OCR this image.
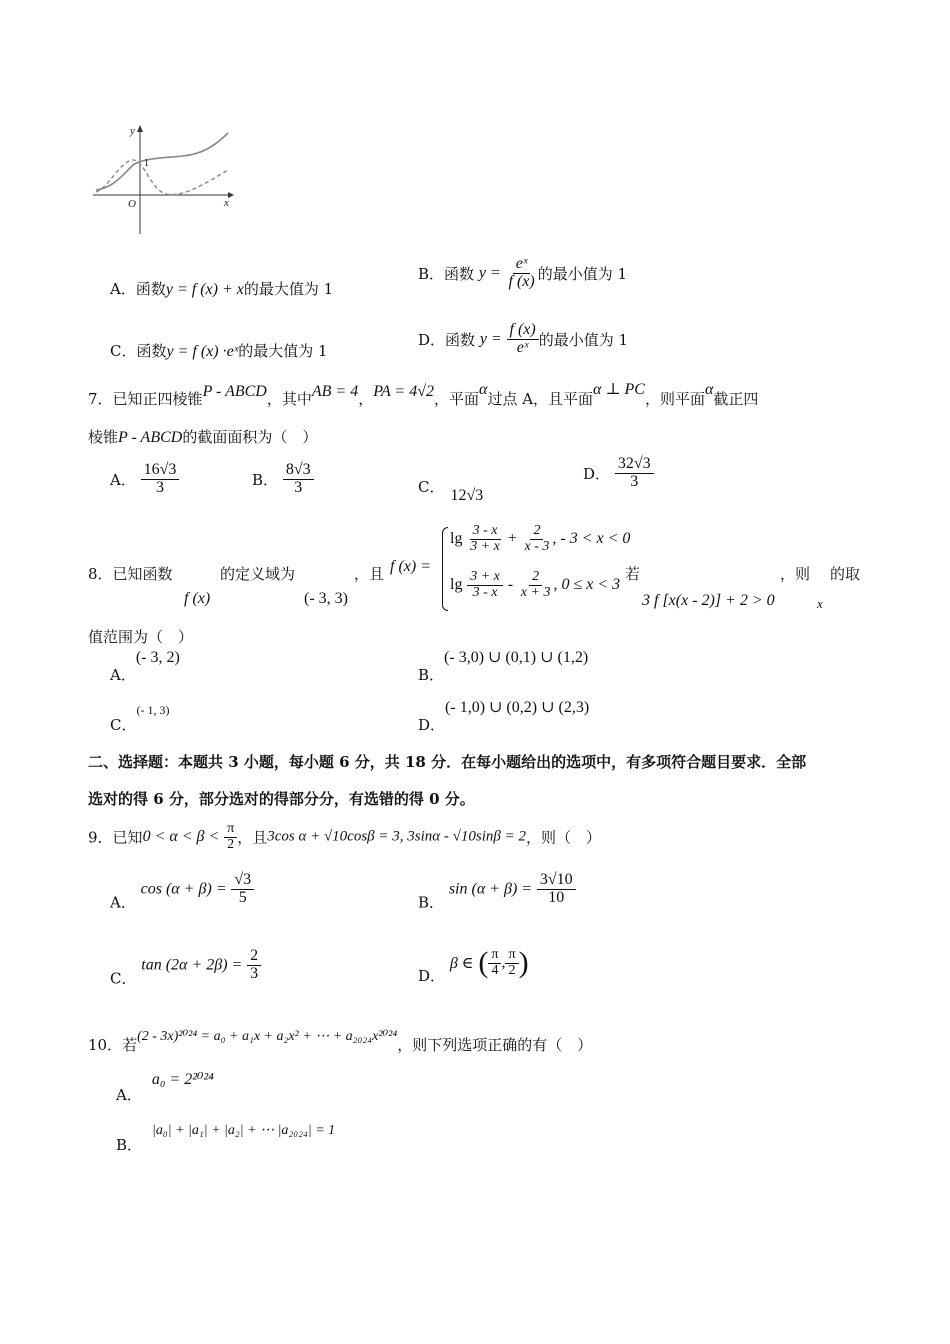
y
x
O
1
A．函数y = f (x) + x的最大值为 1
B．函数 $y = \frac{\text{eˣ}}{f (x)}$ 的最小值为 1
C．函数y = f (x) ·eˣ的最大值为 1
D．函数 $y = \frac{f (x)}{\text{eˣ}}$ 的最小值为 1
7．已知正四棱锥P - ABCD，其中AB = 4，PA = 4√2，平面α过点 A，且平面α ⊥ PC，则平面α截正四
棱锥P - ABCD的截面面积为（　）
A． $\frac{16√3}{3}$	B． $\frac{8√3}{3}$	C． 12√3
D． $\frac{32√3}{3}$
8．已知函数
f (x)
的定义域为
(- 3, 3)
，且 f (x) =
$\lg \frac{3 - x}{3 + x} + \frac{2}{x - 3}$ , - 3 < x < 0
$\lg \frac{3 + x}{3 - x} - \frac{2}{x + 3}$ , 0 ≤ x < 3
若
3 f [x(x - 2)] + 2 > 0
，则 的取
x
值范围为（　）
A．(- 3, 2)
B．(- 3,0) ∪ (0,1) ∪ (1,2)
C．(- 1, 3)
D．(- 1,0) ∪ (0,2) ∪ (2,3)
二、选择题：本题共 3 小题，每小题 6 分，共 18 分．在每小题给出的选项中，有多项符合题目要求．全部
选对的得 6 分，部分选对的得部分分，有选错的得 0 分。
9．已知$0 < \alpha < \beta < \frac{\pi}{2}$ ，且3cos α + √10cosβ = 3, 3sinα - √10sinβ = 2，则（　）
A． $\cos (\alpha + \beta) = \frac{√3}{5}$	B． $\sin (\alpha + \beta) = \frac{3√10}{10}$
C． $\tan (2\alpha + 2\beta) = \frac{2}{3}$	D． β ∈ ( $\frac{\pi}{4}$ , $\frac{\pi}{2}$ )
10．若(2 - 3x)²⁰²⁴ = a₀ + a₁x + a₂x² + ⋯ + a₂₀₂₄x²⁰²⁴，则下列选项正确的有（　）
A．a₀ = 2²⁰²⁴
B．|a₀| + |a₁| + |a₂| + ⋯ |a₂₀₂₄| = 1
